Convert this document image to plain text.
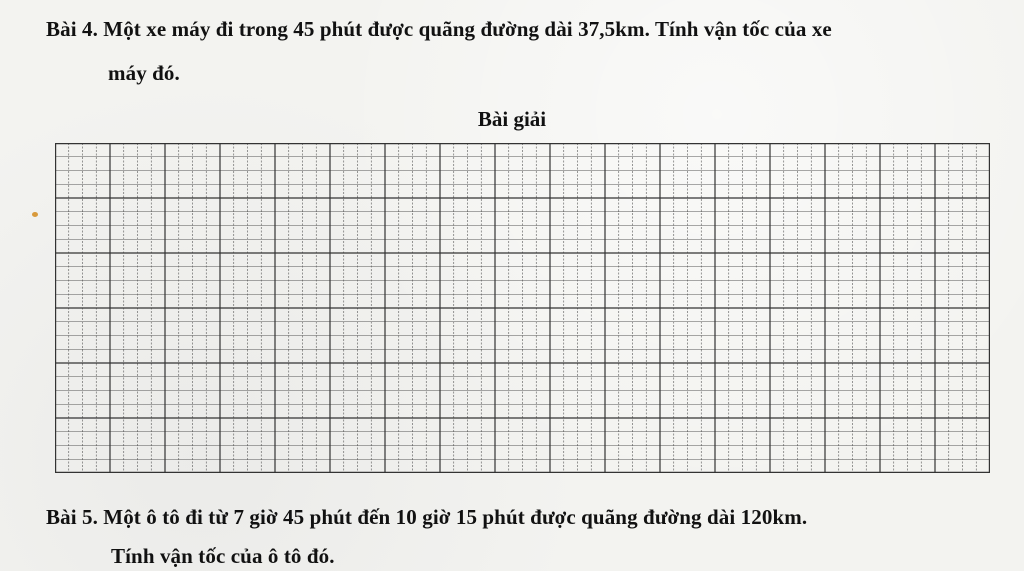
Bài 4. Một xe máy đi trong 45 phút được quãng đường dài 37,5km. Tính vận tốc của xe
máy đó.
Bài giải
Bài 5. Một ô tô đi từ 7 giờ 45 phút đến 10 giờ 15 phút được quãng đường dài 120km.
Tính vận tốc của ô tô đó.
